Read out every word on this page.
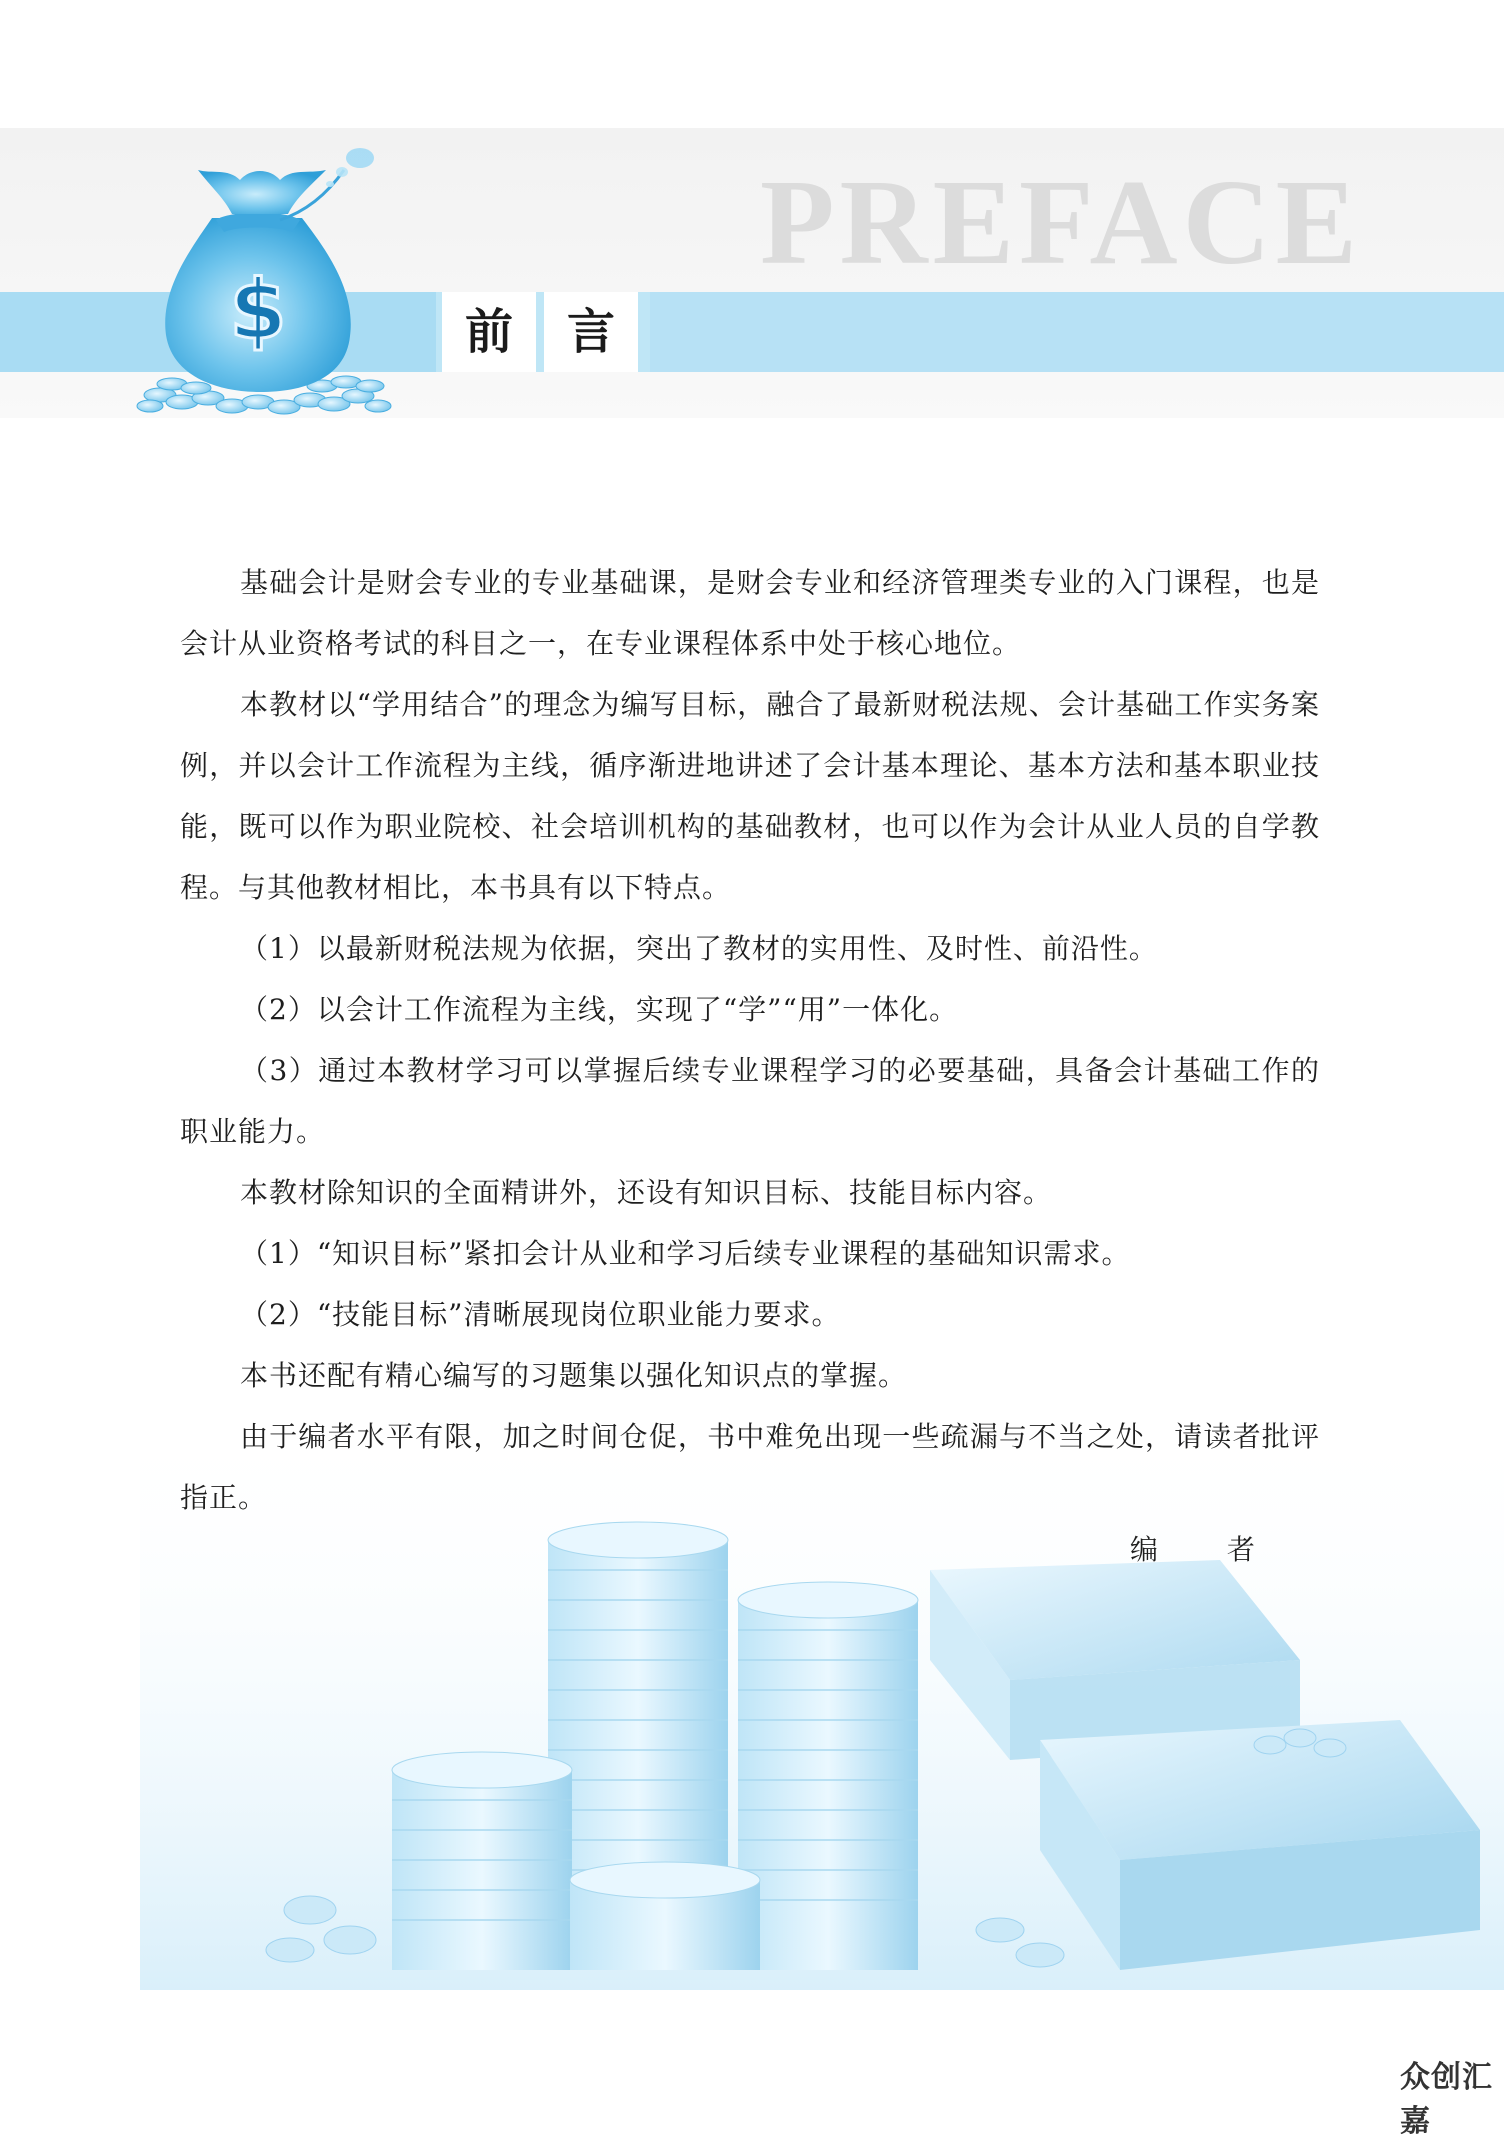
PREFACE
前	言
$

基础会计是财会专业的专业基础课，是财会专业和经济管理类专业的入门课程，也是会计从业资格考试的科目之一，在专业课程体系中处于核心地位。

本教材以“学用结合”的理念为编写目标，融合了最新财税法规、会计基础工作实务案例，并以会计工作流程为主线，循序渐进地讲述了会计基本理论、基本方法和基本职业技能，既可以作为职业院校、社会培训机构的基础教材，也可以作为会计从业人员的自学教程。与其他教材相比，本书具有以下特点。

（1）以最新财税法规为依据，突出了教材的实用性、及时性、前沿性。

（2）以会计工作流程为主线，实现了“学”“用”一体化。

（3）通过本教材学习可以掌握后续专业课程学习的必要基础，具备会计基础工作的职业能力。

本教材除知识的全面精讲外，还设有知识目标、技能目标内容。

（1）“知识目标”紧扣会计从业和学习后续专业课程的基础知识需求。

（2）“技能目标”清晰展现岗位职业能力要求。

本书还配有精心编写的习题集以强化知识点的掌握。

由于编者水平有限，加之时间仓促，书中难免出现一些疏漏与不当之处，请读者批评指正。

编 者
众创汇嘉
